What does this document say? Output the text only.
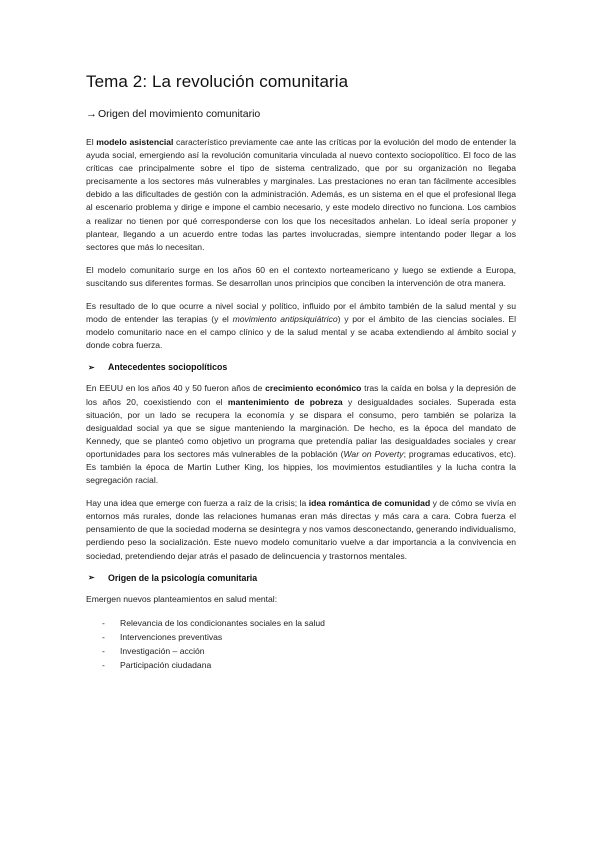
Tema 2: La revolución comunitaria
→ Origen del movimiento comunitario

El modelo asistencial característico previamente cae ante las críticas por la evolución del modo de entender la ayuda social, emergiendo así la revolución comunitaria vinculada al nuevo contexto sociopolítico. El foco de las críticas cae principalmente sobre el tipo de sistema centralizado, que por su organización no llegaba precisamente a los sectores más vulnerables y marginales. Las prestaciones no eran tan fácilmente accesibles debido a las dificultades de gestión con la administración. Además, es un sistema en el que el profesional llega al escenario problema y dirige e impone el cambio necesario, y este modelo directivo no funciona. Los cambios a realizar no tienen por qué corresponderse con los que los necesitados anhelan. Lo ideal sería proponer y plantear, llegando a un acuerdo entre todas las partes involucradas, siempre intentando poder llegar a los sectores que más lo necesitan.

El modelo comunitario surge en los años 60 en el contexto norteamericano y luego se extiende a Europa, suscitando sus diferentes formas. Se desarrollan unos principios que conciben la intervención de otra manera.

Es resultado de lo que ocurre a nivel social y político, influido por el ámbito también de la salud mental y su modo de entender las terapias (y el movimiento antipsiquiátrico) y por el ámbito de las ciencias sociales. El modelo comunitario nace en el campo clínico y de la salud mental y se acaba extendiendo al ámbito social y donde cobra fuerza.

➢ Antecedentes sociopolíticos

En EEUU en los años 40 y 50 fueron años de crecimiento económico tras la caída en bolsa y la depresión de los años 20, coexistiendo con el mantenimiento de pobreza y desigualdades sociales. Superada esta situación, por un lado se recupera la economía y se dispara el consumo, pero también se polariza la desigualdad social ya que se sigue manteniendo la marginación. De hecho, es la época del mandato de Kennedy, que se planteó como objetivo un programa que pretendía paliar las desigualdades sociales y crear oportunidades para los sectores más vulnerables de la población (War on Poverty; programas educativos, etc). Es también la época de Martin Luther King, los hippies, los movimientos estudiantiles y la lucha contra la segregación racial.

Hay una idea que emerge con fuerza a raíz de la crisis; la idea romántica de comunidad y de cómo se vivía en entornos más rurales, donde las relaciones humanas eran más directas y más cara a cara. Cobra fuerza el pensamiento de que la sociedad moderna se desintegra y nos vamos desconectando, generando individualismo, perdiendo peso la socialización. Este nuevo modelo comunitario vuelve a dar importancia a la convivencia en sociedad, pretendiendo dejar atrás el pasado de delincuencia y trastornos mentales.

➢ Origen de la psicología comunitaria

Emergen nuevos planteamientos en salud mental:

-	Relevancia de los condicionantes sociales en la salud
-	Intervenciones preventivas
-	Investigación – acción
-	Participación ciudadana
